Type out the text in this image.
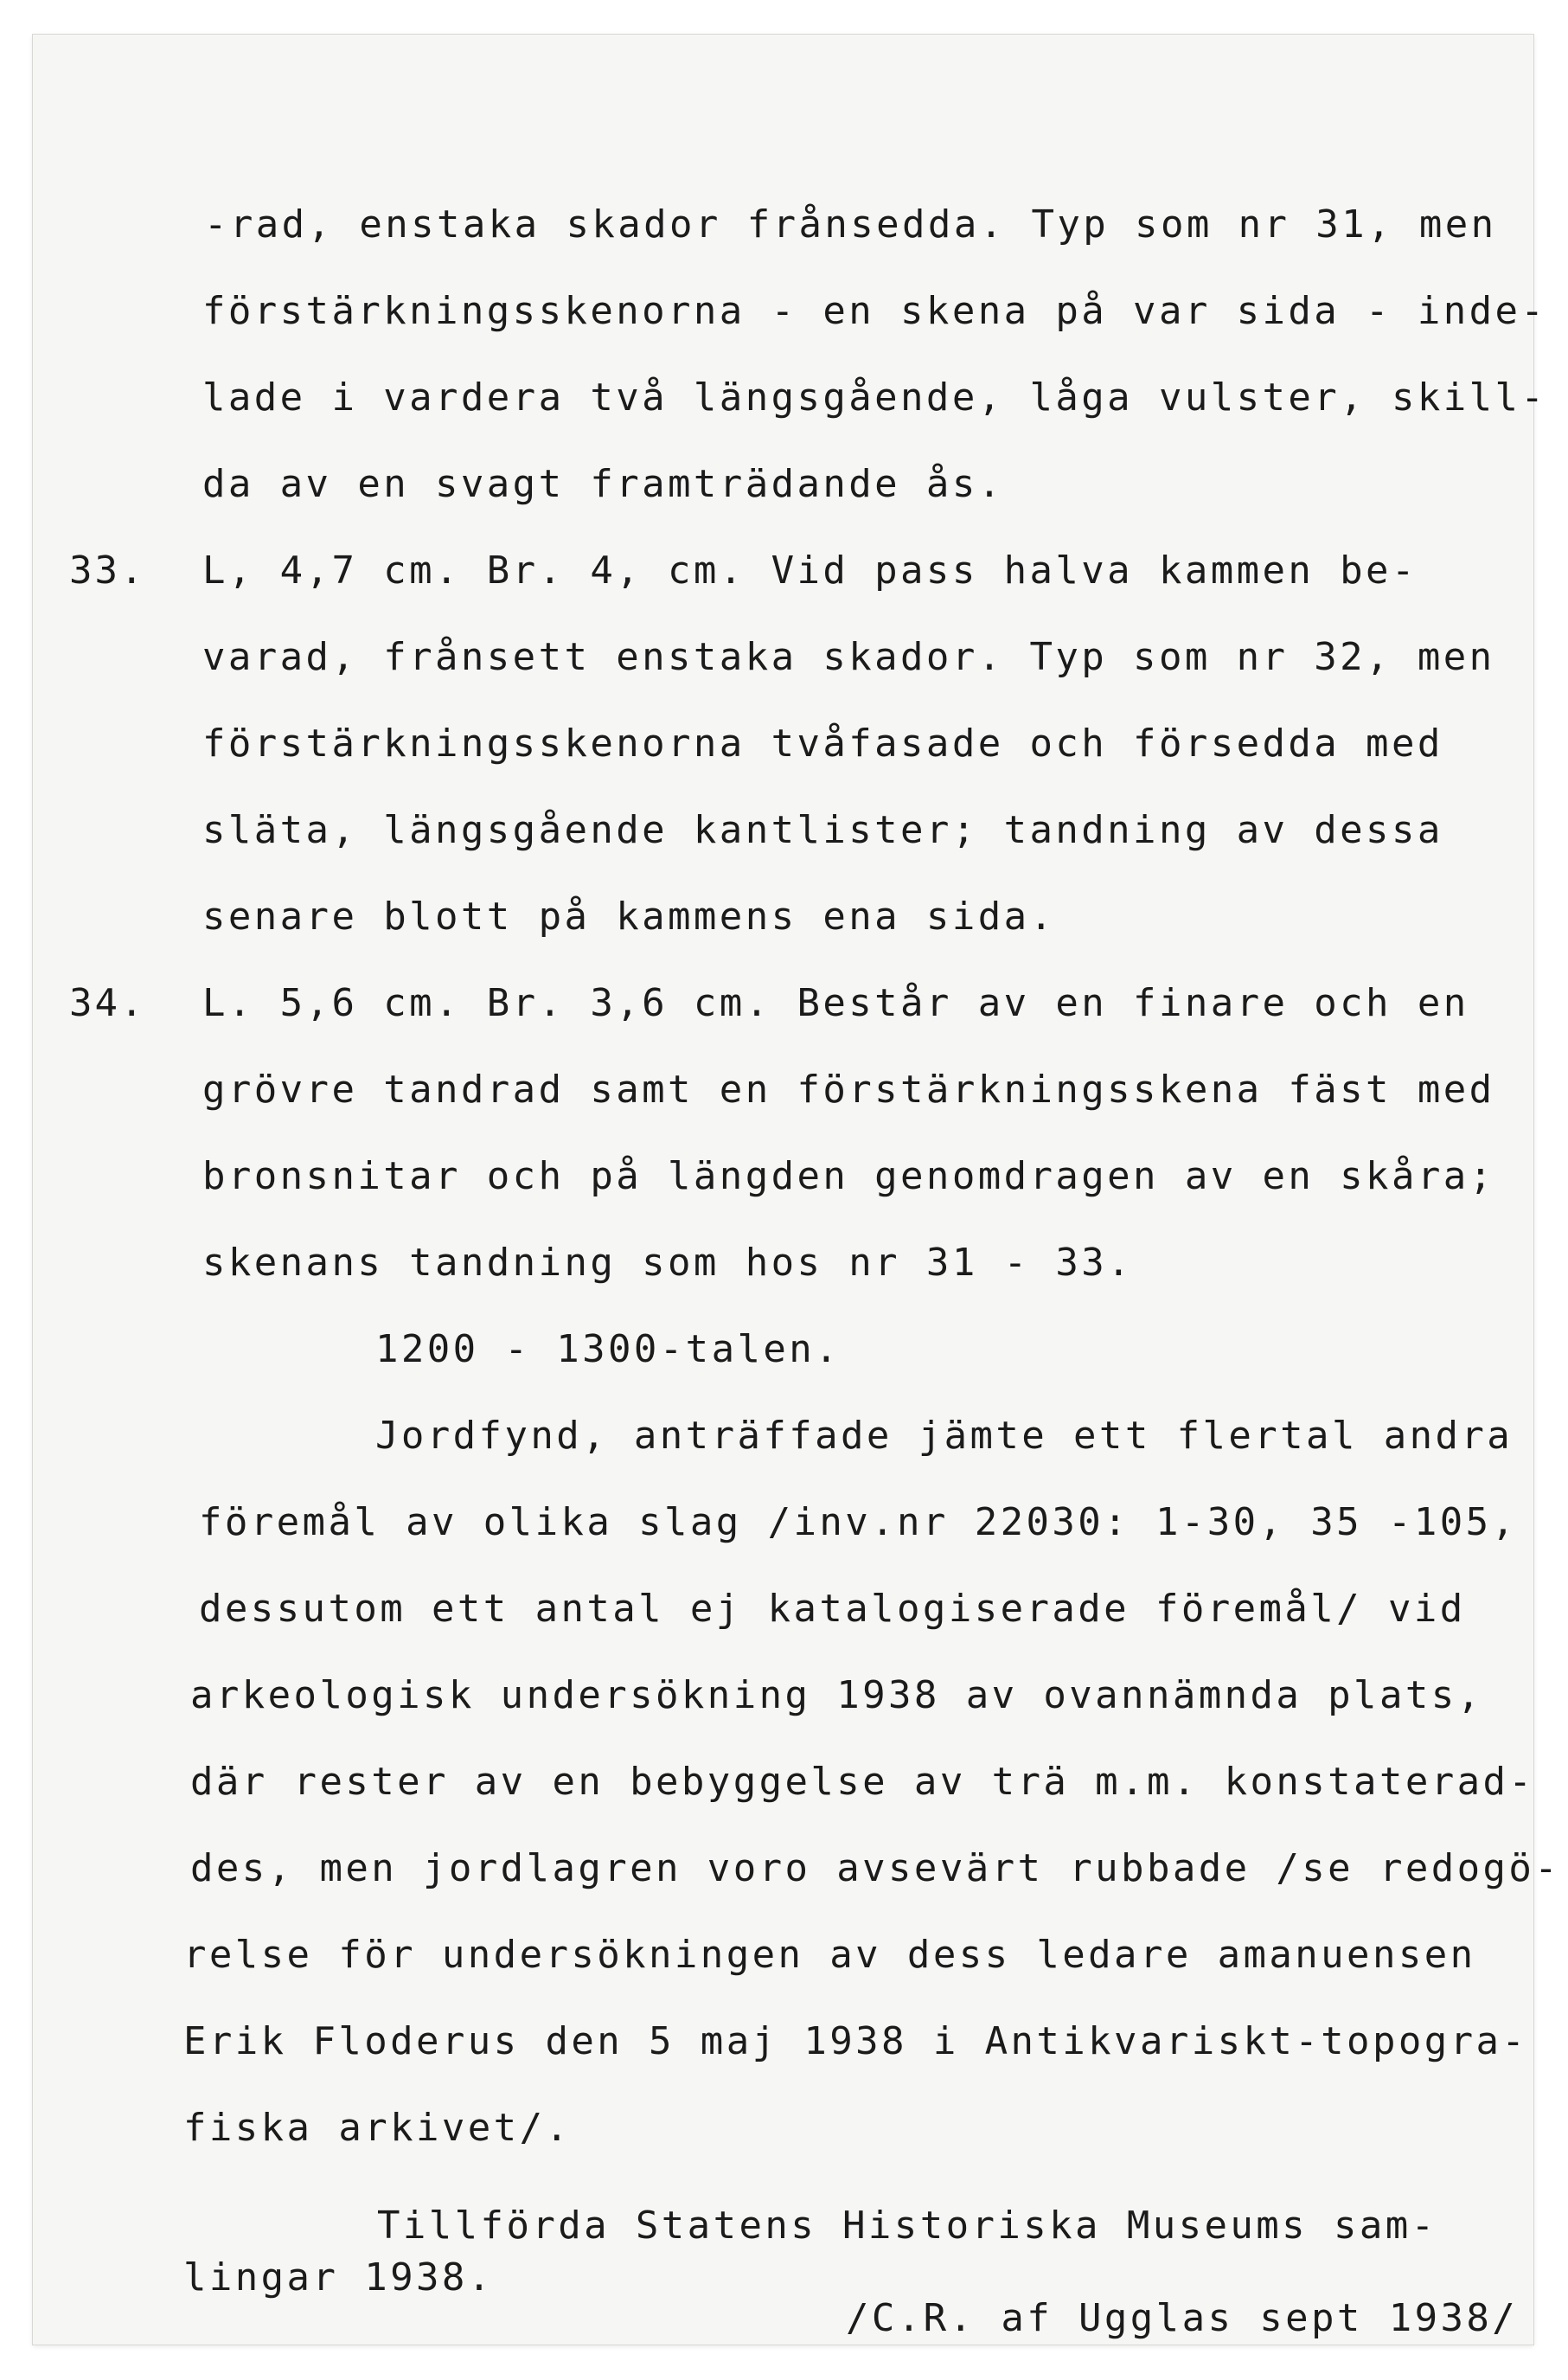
-rad, enstaka skador frånsedda. Typ som nr 31, men
förstärkningsskenorna - en skena på var sida - inde-
lade i vardera två längsgående, låga vulster, skill-
da av en svagt framträdande ås.
33. L, 4,7 cm. Br. 4, cm. Vid pass halva kammen be-
varad, frånsett enstaka skador. Typ som nr 32, men
förstärkningsskenorna tvåfasade och försedda med
släta, längsgående kantlister; tandning av dessa
senare blott på kammens ena sida.
34. L. 5,6 cm. Br. 3,6 cm. Består av en finare och en
grövre tandrad samt en förstärkningsskena fäst med
bronsnitar och på längden genomdragen av en skåra;
skenans tandning som hos nr 31 - 33.
1200 - 1300-talen.
Jordfynd, anträffade jämte ett flertal andra
föremål av olika slag /inv.nr 22030: 1-30, 35 -105,
dessutom ett antal ej katalogiserade föremål/ vid
arkeologisk undersökning 1938 av ovannämnda plats,
där rester av en bebyggelse av trä m.m. konstaterad-
des, men jordlagren voro avsevärt rubbade /se redogö-
relse för undersökningen av dess ledare amanuensen
Erik Floderus den 5 maj 1938 i Antikvariskt-topogra-
fiska arkivet/.
Tillförda Statens Historiska Museums sam-
lingar 1938.
/C.R. af Ugglas sept 1938/
